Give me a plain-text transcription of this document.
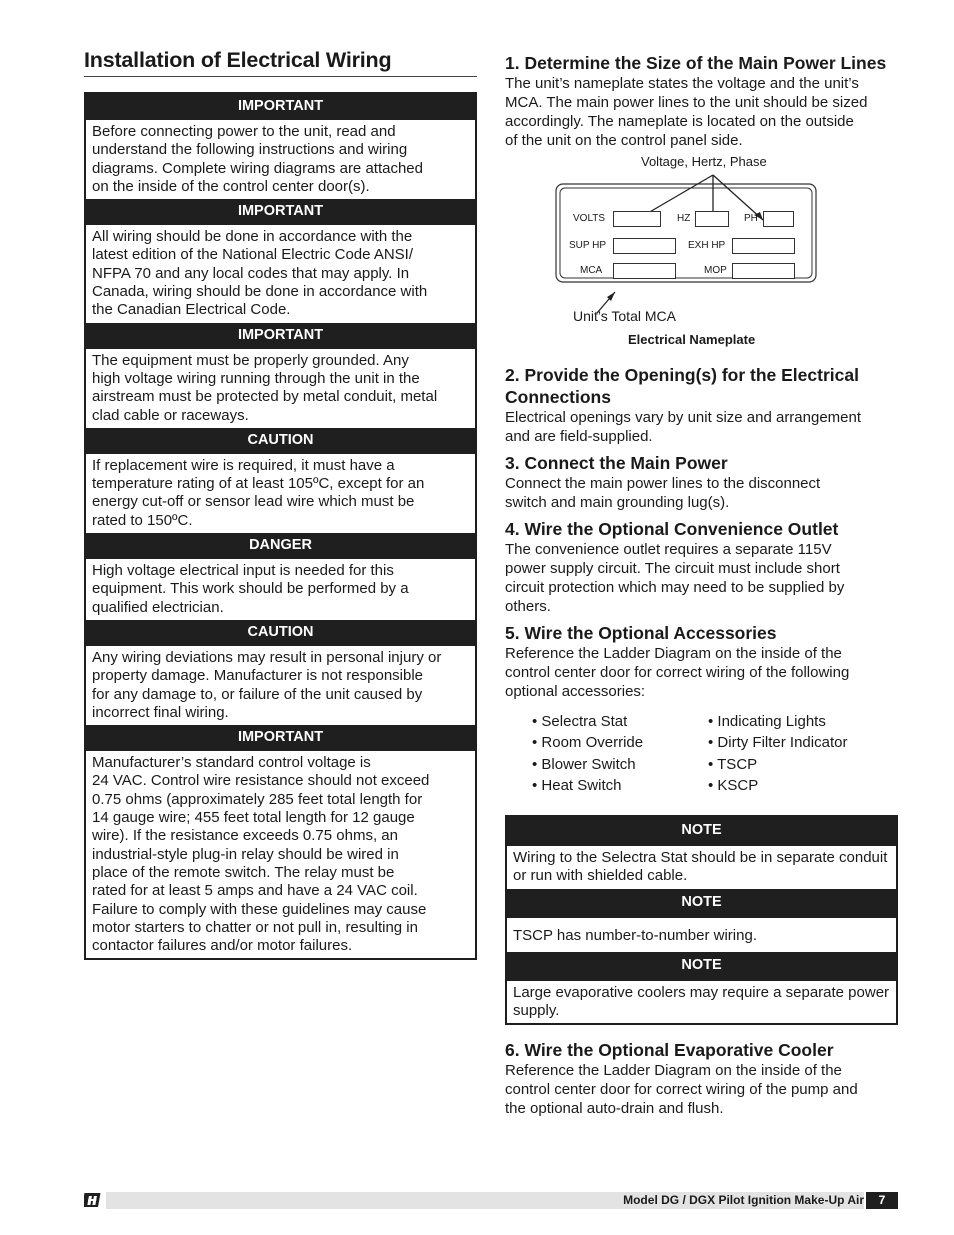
Installation of Electrical Wiring
IMPORTANT
Before connecting power to the unit, read and
understand the following instructions and wiring
diagrams. Complete wiring diagrams are attached
on the inside of the control center door(s).
IMPORTANT
All wiring should be done in accordance with the
latest edition of the National Electric Code ANSI/
NFPA 70 and any local codes that may apply. In
Canada, wiring should be done in accordance with
the Canadian Electrical Code.
IMPORTANT
The equipment must be properly grounded. Any
high voltage wiring running through the unit in the
airstream must be protected by metal conduit, metal
clad cable or raceways.
CAUTION
If replacement wire is required, it must have a
temperature rating of at least 105ºC, except for an
energy cut-off or sensor lead wire which must be
rated to 150ºC.
DANGER
High voltage electrical input is needed for this
equipment. This work should be performed by a
qualified electrician.
CAUTION
Any wiring deviations may result in personal injury or
property damage. Manufacturer is not responsible
for any damage to, or failure of the unit caused by
incorrect final wiring.
IMPORTANT
Manufacturer’s standard control voltage is
24 VAC. Control wire resistance should not exceed
0.75 ohms (approximately 285 feet total length for
14 gauge wire; 455 feet total length for 12 gauge
wire). If the resistance exceeds 0.75 ohms, an
industrial-style plug-in relay should be wired in
place of the remote switch. The relay must be
rated for at least 5 amps and have a 24 VAC coil.
Failure to comply with these guidelines may cause
motor starters to chatter or not pull in, resulting in
contactor failures and/or motor failures.
1. Determine the Size of the Main Power Lines

The unit’s nameplate states the voltage and the unit’s
MCA. The main power lines to the unit should be sized
accordingly. The nameplate is located on the outside
of the unit on the control panel side.

Voltage, Hertz, Phase
VOLTS	HZ	PH
SUP HP	EXH HP
MCA	MOP
Unit’s Total MCA
Electrical Nameplate
2. Provide the Opening(s) for the Electrical Connections

Electrical openings vary by unit size and arrangement
and are field-supplied.

3. Connect the Main Power

Connect the main power lines to the disconnect
switch and main grounding lug(s).

4. Wire the Optional Convenience Outlet

The convenience outlet requires a separate 115V
power supply circuit. The circuit must include short
circuit protection which may need to be supplied by
others.

5. Wire the Optional Accessories

Reference the Ladder Diagram on the inside of the
control center door for correct wiring of the following
optional accessories:

• Selectra Stat
• Room Override
• Blower Switch
• Heat Switch
• Indicating Lights
• Dirty Filter Indicator
• TSCP
• KSCP
NOTE
Wiring to the Selectra Stat should be in separate conduit or run with shielded cable.
NOTE
TSCP has number-to-number wiring.
NOTE
Large evaporative coolers may require a separate power supply.
6. Wire the Optional Evaporative Cooler

Reference the Ladder Diagram on the inside of the
control center door for correct wiring of the pump and
the optional auto-drain and flush.

Model DG / DGX Pilot Ignition Make-Up Air	7
